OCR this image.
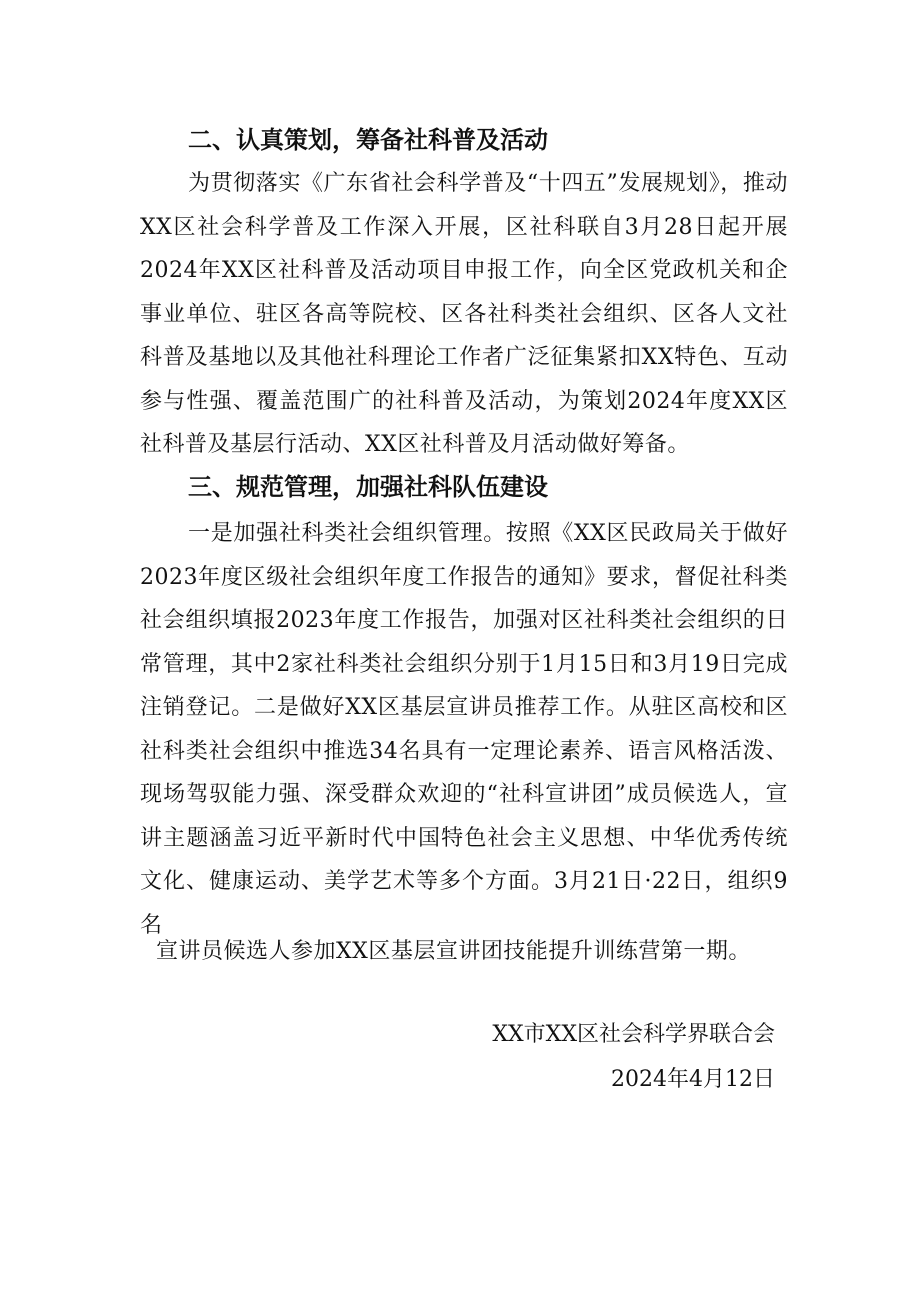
二、认真策划，筹备社科普及活动

为贯彻落实《广东省社会科学普及“十四五”发展规划》，推动XX区社会科学普及工作深入开展，区社科联自3月28日起开展2024年XX区社科普及活动项目申报工作，向全区党政机关和企事业单位、驻区各高等院校、区各社科类社会组织、区各人文社科普及基地以及其他社科理论工作者广泛征集紧扣XX特色、互动参与性强、覆盖范围广的社科普及活动，为策划2024年度XX区社科普及基层行活动、XX区社科普及月活动做好筹备。

三、规范管理，加强社科队伍建设

一是加强社科类社会组织管理。按照《XX区民政局关于做好2023年度区级社会组织年度工作报告的通知》要求，督促社科类社会组织填报2023年度工作报告，加强对区社科类社会组织的日常管理，其中2家社科类社会组织分别于1月15日和3月19日完成注销登记。二是做好XX区基层宣讲员推荐工作。从驻区高校和区社科类社会组织中推选34名具有一定理论素养、语言风格活泼、现场驾驭能力强、深受群众欢迎的“社科宣讲团”成员候选人，宣讲主题涵盖习近平新时代中国特色社会主义思想、中华优秀传统文化、健康运动、美学艺术等多个方面。3月21日·22日，组织9名

宣讲员候选人参加XX区基层宣讲团技能提升训练营第一期。

XX市XX区社会科学界联合会

2024年4月12日
